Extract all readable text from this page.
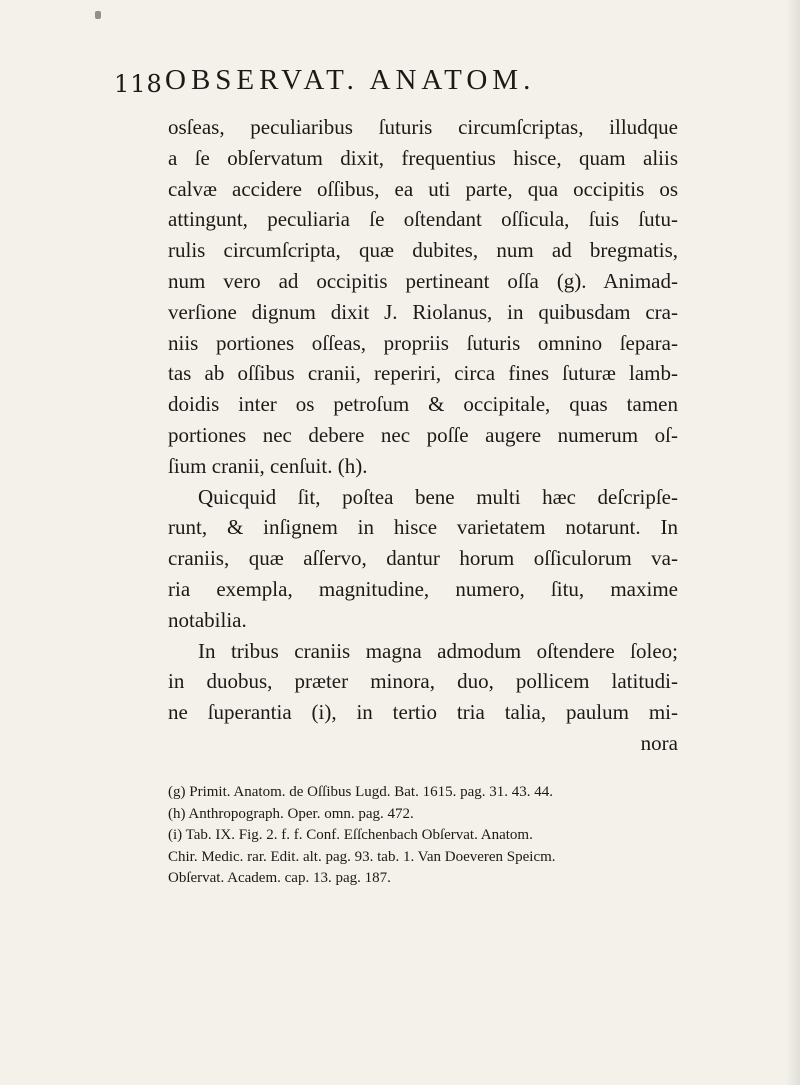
118 OBSERVAT. ANATOM.
osſeas, peculiaribus ſuturis circumſcriptas, illudque
a ſe obſervatum dixit, frequentius hisce, quam aliis
calvæ accidere oſſibus, ea uti parte, qua occipitis os
attingunt, peculiaria ſe oſtendant oſſicula, ſuis ſutu-
rulis circumſcripta, quæ dubites, num ad bregmatis,
num vero ad occipitis pertineant oſſa (g). Animad-
verſione dignum dixit J. Riolanus, in quibusdam cra-
niis portiones oſſeas, propriis ſuturis omnino ſepara-
tas ab oſſibus cranii, reperiri, circa fines ſuturæ lamb-
doidis inter os petroſum & occipitale, quas tamen
portiones nec debere nec poſſe augere numerum oſ-
ſium cranii, cenſuit. (h).
Quicquid ſit, poſtea bene multi hæc deſcripſe-
runt, & inſignem in hisce varietatem notarunt. In
craniis, quæ aſſervo, dantur horum oſſiculorum va-
ria exempla, magnitudine, numero, ſitu, maxime
notabilia.
In tribus craniis magna admodum oſtendere ſoleo;
in duobus, præter minora, duo, pollicem latitudi-
ne ſuperantia (i), in tertio tria talia, paulum mi-
nora
(g) Primit. Anatom. de Oſſibus Lugd. Bat. 1615. pag. 31. 43. 44.
(h) Anthropograph. Oper. omn. pag. 472.
(i) Tab. IX. Fig. 2. f. f. Conf. Eſſchenbach Obſervat. Anatom.
Chir. Medic. rar. Edit. alt. pag. 93. tab. 1. Van Doeveren Speicm.
Obſervat. Academ. cap. 13. pag. 187.
